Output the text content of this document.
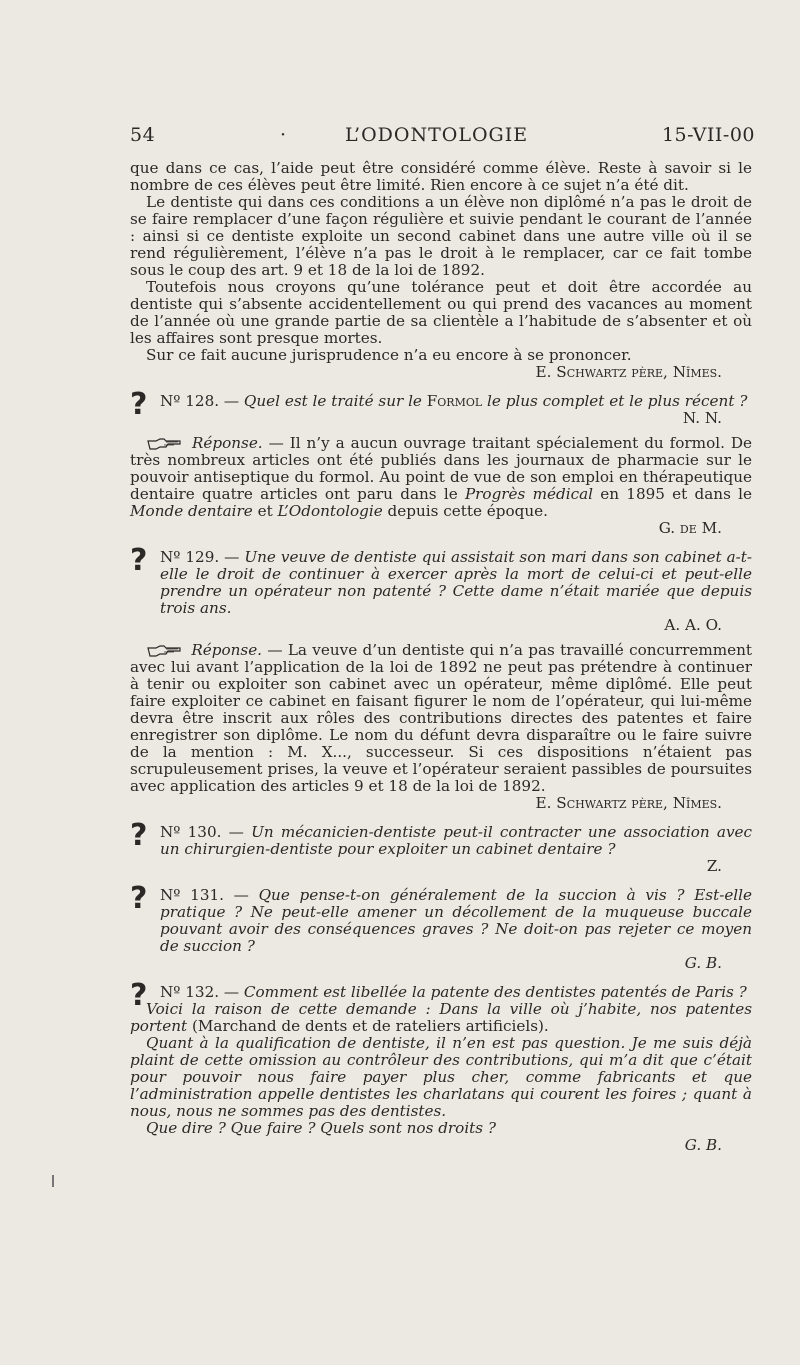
54	·	L’ODONTOLOGIE	15-VII-00

que dans ce cas, l’aide peut être considéré comme élève. Reste à savoir si le nombre de ces élèves peut être limité. Rien encore à ce sujet n’a été dit.

Le dentiste qui dans ces conditions a un élève non diplômé n’a pas le droit de se faire remplacer d’une façon régulière et suivie pendant le courant de l’année : ainsi si ce dentiste exploite un second cabinet dans une autre ville où il se rend régulièrement, l’élève n’a pas le droit à le remplacer, car ce fait tombe sous le coup des art. 9 et 18 de la loi de 1892.

Toutefois nous croyons qu’une tolérance peut et doit être accordée au dentiste qui s’absente accidentellement ou qui prend des vacances au moment de l’année où une grande partie de sa clientèle a l’habitude de s’absenter et où les affaires sont presque mortes.

Sur ce fait aucune jurisprudence n’a eu encore à se prononcer.

E. Schwartz père, Nîmes.

? Nº 128. — Quel est le traité sur le Formol le plus complet et le plus récent ?

N. N.

Réponse. — Il n’y a aucun ouvrage traitant spécialement du formol. De très nombreux articles ont été publiés dans les journaux de pharmacie sur le pouvoir antiseptique du formol. Au point de vue de son emploi en thérapeutique dentaire quatre articles ont paru dans le Progrès médical en 1895 et dans le Monde dentaire et L’Odontologie depuis cette époque.

G. de M.

? Nº 129. — Une veuve de dentiste qui assistait son mari dans son cabinet a-t-elle le droit de continuer à exercer après la mort de celui-ci et peut-elle prendre un opérateur non patenté ? Cette dame n’était mariée que depuis trois ans.

A. A. O.

Réponse. — La veuve d’un dentiste qui n’a pas travaillé concurremment avec lui avant l’application de la loi de 1892 ne peut pas prétendre à continuer à tenir ou exploiter son cabinet avec un opérateur, même diplômé. Elle peut faire exploiter ce cabinet en faisant figurer le nom de l’opérateur, qui lui-même devra être inscrit aux rôles des contributions directes des patentes et faire enregistrer son diplôme. Le nom du défunt devra disparaître ou le faire suivre de la mention : M. X..., successeur. Si ces dispositions n’étaient pas scrupuleusement prises, la veuve et l’opérateur seraient passibles de poursuites avec application des articles 9 et 18 de la loi de 1892.

E. Schwartz père, Nîmes.

? Nº 130. — Un mécanicien-dentiste peut-il contracter une association avec un chirurgien-dentiste pour exploiter un cabinet dentaire ?

Z.

? Nº 131. — Que pense-t-on généralement de la succion à vis ? Est-elle pratique ? Ne peut-elle amener un décollement de la muqueuse buccale pouvant avoir des conséquences graves ? Ne doit-on pas rejeter ce moyen de succion ?

G. B.

? Nº 132. — Comment est libellée la patente des dentistes patentés de Paris ?

Voici la raison de cette demande : Dans la ville où j’habite, nos patentes portent (Marchand de dents et de rateliers artificiels).

Quant à la qualification de dentiste, il n’en est pas question. Je me suis déjà plaint de cette omission au contrôleur des contributions, qui m’a dit que c’était pour pouvoir nous faire payer plus cher, comme fabricants et que l’administration appelle dentistes les charlatans qui courent les foires ; quant à nous, nous ne sommes pas des dentistes.

Que dire ? Que faire ? Quels sont nos droits ?

G. B.
